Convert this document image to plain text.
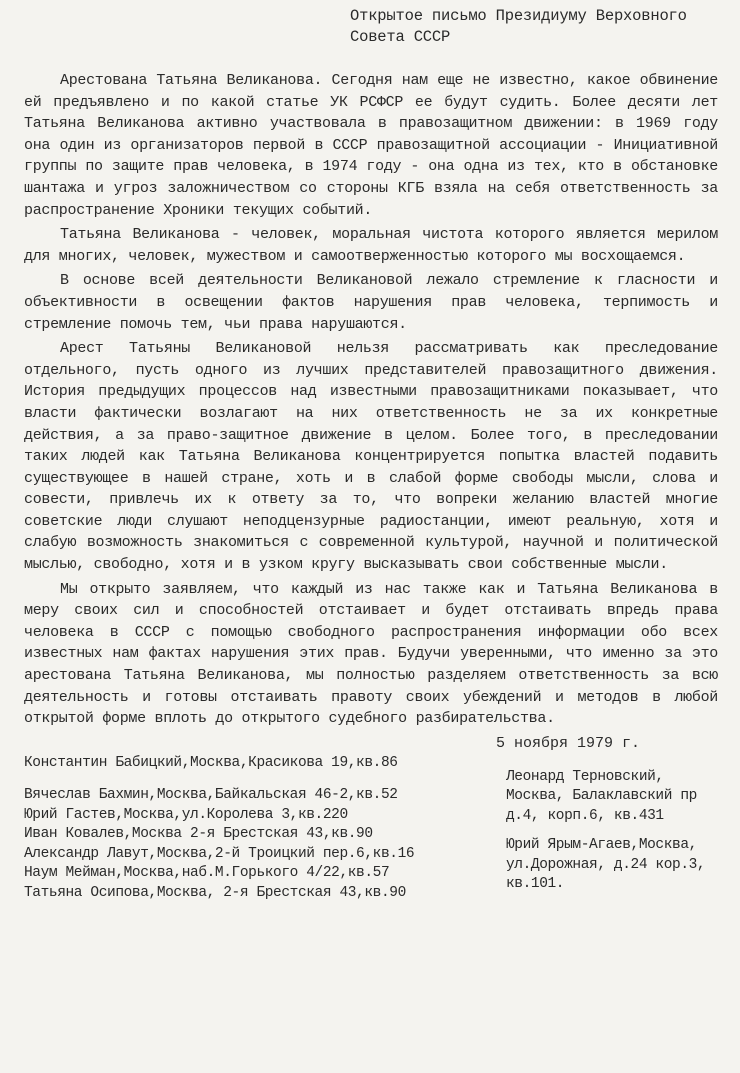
Открытое письмо Президиуму Верховного
Совета СССР

Арестована Татьяна Великанова. Сегодня нам еще не известно, какое обвинение ей предъявлено и по какой статье УК РСФСР ее будут судить. Более десяти лет Татьяна Великанова активно участвовала в правозащитном движении: в 1969 году она один из организаторов первой в СССР правозащитной ассоциации - Инициативной группы по защите прав человека, в 1974 году - она одна из тех, кто в обстановке шантажа и угроз заложничеством со стороны КГБ взяла на себя ответственность за распространение Хроники текущих событий.

Татьяна Великанова - человек, моральная чистота которого является мерилом для многих, человек, мужеством и самоотверженностью которого мы восхощаемся.

В основе всей деятельности Великановой лежало стремление к гласности и объективности в освещении фактов нарушения прав человека, терпимость и стремление помочь тем, чьи права нарушаются.

Арест Татьяны Великановой нельзя рассматривать как преследование отдельного, пусть одного из лучших представителей правозащитного движения. История предыдущих процессов над известными правозащитниками показывает, что власти фактически возлагают на них ответственность не за их конкретные действия, а за право-защитное движение в целом. Более того, в преследовании таких людей как Татьяна Великанова концентрируется попытка властей подавить существующее в нашей стране, хоть и в слабой форме свободы мысли, слова и совести, привлечь их к ответу за то, что вопреки желанию властей многие советские люди слушают неподцензурные радиостанции, имеют реальную, хотя и слабую возможность знакомиться с современной культурой, научной и политической мыслью, свободно, хотя и в узком кругу высказывать свои собственные мысли.

Мы открыто заявляем, что каждый из нас также как и Татьяна Великанова в меру своих сил и способностей отстаивает и будет отстаивать впредь права человека в СССР с помощью свободного распространения информации обо всех известных нам фактах нарушения этих прав. Будучи уверенными, что именно за это арестована Татьяна Великанова, мы полностью разделяем ответственность за всю деятельность и готовы отстаивать правоту своих убеждений и методов в любой открытой форме вплоть до открытого судебного разбирательства.

5 ноября 1979 г.
Константин Бабицкий,Москва,Красикова 19,кв.86
Вячеслав Бахмин,Москва,Байкальская 46-2,кв.52
Юрий Гастев,Москва,ул.Королева 3,кв.220
Иван Ковалев,Москва 2-я Брестская 43,кв.90
Александр Лавут,Москва,2-й Троицкий пер.6,кв.16
Наум Мейман,Москва,наб.М.Горького 4/22,кв.57
Татьяна Осипова,Москва, 2-я Брестская 43,кв.90
Леонард Терновский,
Москва, Балаклавский пр
д.4, корп.6, кв.431
Юрий Ярым-Агаев,Москва,
ул.Дорожная, д.24 кор.3,
кв.101.
